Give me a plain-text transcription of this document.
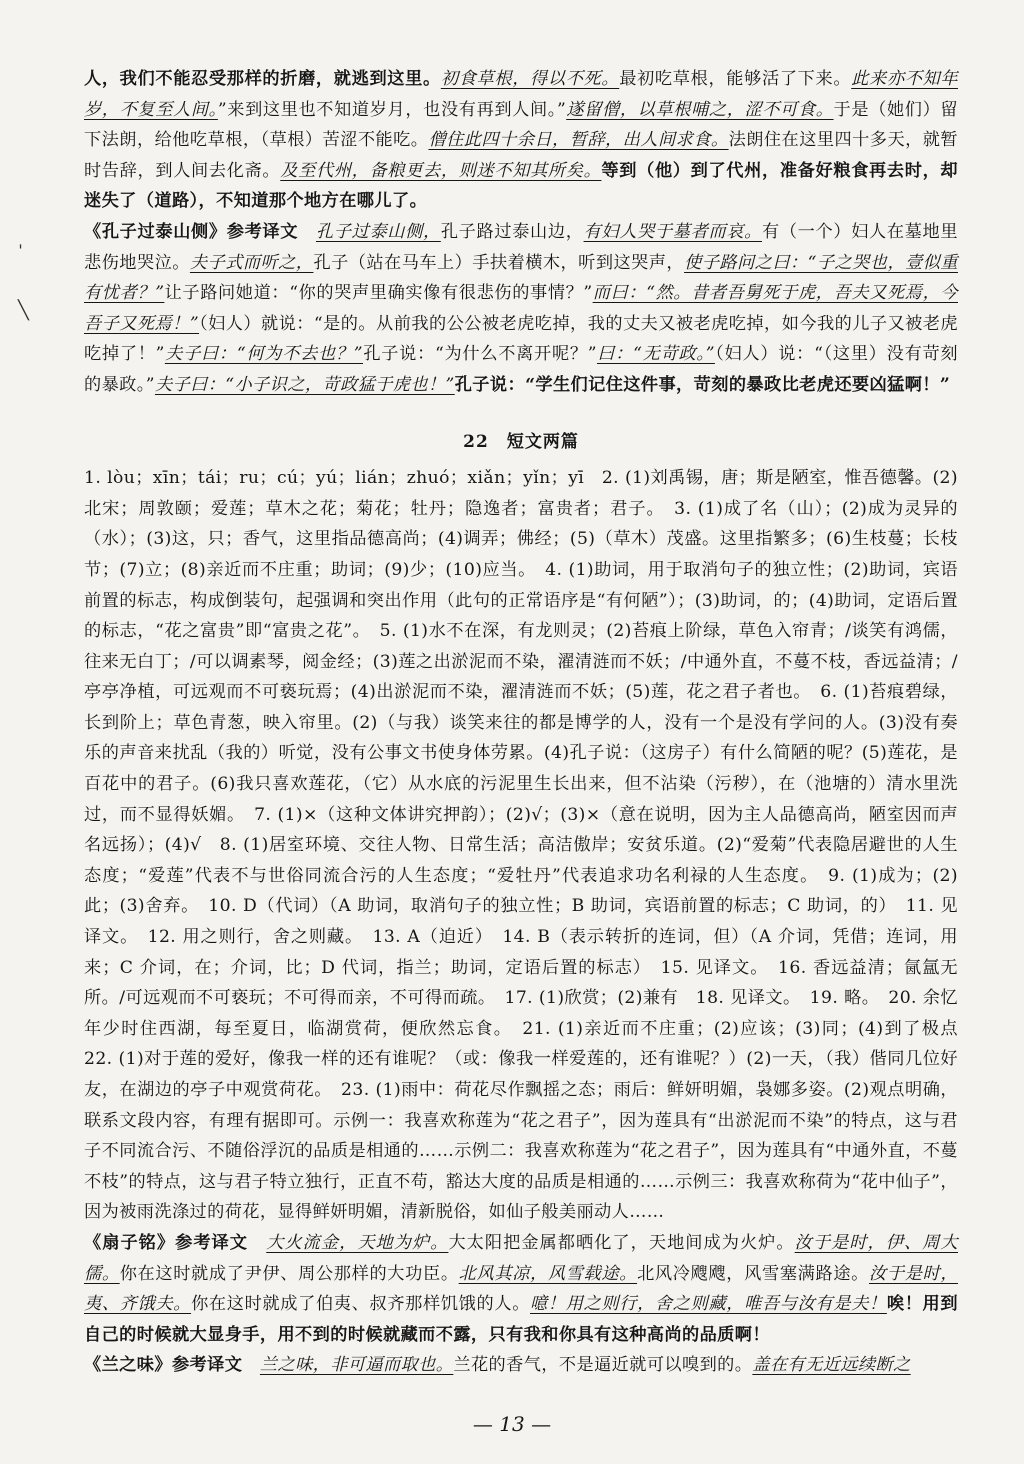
人，我们不能忍受那样的折磨，就逃到这里。初食草根，得以不死。最初吃草根，能够活了下来。此来亦不知年岁，不复至人间。”来到这里也不知道岁月，也没有再到人间。”遂留僧，以草根哺之，涩不可食。于是（她们）留下法朗，给他吃草根，（草根）苦涩不能吃。僧住此四十余日，暂辞，出人间求食。法朗住在这里四十多天，就暂时告辞，到人间去化斋。及至代州，备粮更去，则迷不知其所矣。等到（他）到了代州，准备好粮食再去时，却迷失了（道路），不知道那个地方在哪儿了。

《孔子过泰山侧》参考译文　孔子过泰山侧，孔子路过泰山边，有妇人哭于墓者而哀。有（一个）妇人在墓地里悲伤地哭泣。夫子式而听之，孔子（站在马车上）手扶着横木，听到这哭声，使子路问之曰：“子之哭也，壹似重有忧者？”让子路问她道：“你的哭声里确实像有很悲伤的事情？”而曰：“然。昔者吾舅死于虎，吾夫又死焉，今吾子又死焉！”（妇人）就说：“是的。从前我的公公被老虎吃掉，我的丈夫又被老虎吃掉，如今我的儿子又被老虎吃掉了！”夫子曰：“何为不去也？”孔子说：“为什么不离开呢？”曰：“无苛政。”（妇人）说：“（这里）没有苛刻的暴政。”夫子曰：“小子识之，苛政猛于虎也！”孔子说：“学生们记住这件事，苛刻的暴政比老虎还要凶猛啊！”

22　短文两篇

1. lòu；xīn；tái；ru；cú；yú；lián；zhuó；xiǎn；yǐn；yī　2. (1)刘禹锡，唐；斯是陋室，惟吾德馨。(2)北宋；周敦颐；爱莲；草木之花；菊花；牡丹；隐逸者；富贵者；君子。　3. (1)成了名（山）；(2)成为灵异的（水）；(3)这，只；香气，这里指品德高尚；(4)调弄；佛经；(5)（草木）茂盛。这里指繁多；(6)生枝蔓；长枝节；(7)立；(8)亲近而不庄重；助词；(9)少；(10)应当。　4. (1)助词，用于取消句子的独立性；(2)助词，宾语前置的标志，构成倒装句，起强调和突出作用（此句的正常语序是“有何陋”）；(3)助词，的；(4)助词，定语后置的标志，“花之富贵”即“富贵之花”。　5. (1)水不在深，有龙则灵；(2)苔痕上阶绿，草色入帘青；/谈笑有鸿儒，往来无白丁；/可以调素琴，阅金经；(3)莲之出淤泥而不染，濯清涟而不妖；/中通外直，不蔓不枝，香远益清；/亭亭净植，可远观而不可亵玩焉；(4)出淤泥而不染，濯清涟而不妖；(5)莲，花之君子者也。　6. (1)苔痕碧绿，长到阶上；草色青葱，映入帘里。(2)（与我）谈笑来往的都是博学的人，没有一个是没有学问的人。(3)没有奏乐的声音来扰乱（我的）听觉，没有公事文书使身体劳累。(4)孔子说：（这房子）有什么简陋的呢？(5)莲花，是百花中的君子。(6)我只喜欢莲花，（它）从水底的污泥里生长出来，但不沾染（污秽），在（池塘的）清水里洗过，而不显得妖媚。　7. (1)×（这种文体讲究押韵）；(2)√；(3)×（意在说明，因为主人品德高尚，陋室因而声名远扬）；(4)√　8. (1)居室环境、交往人物、日常生活；高洁傲岸；安贫乐道。(2)“爱菊”代表隐居避世的人生态度；“爱莲”代表不与世俗同流合污的人生态度；“爱牡丹”代表追求功名利禄的人生态度。　9. (1)成为；(2)此；(3)舍弃。　10. D（代词）（A 助词，取消句子的独立性；B 助词，宾语前置的标志；C 助词，的）　11. 见译文。　12. 用之则行，舍之则藏。　13. A（迫近）　14. B（表示转折的连词，但）（A 介词，凭借；连词，用来；C 介词，在；介词，比；D 代词，指兰；助词，定语后置的标志）　15. 见译文。　16. 香远益清；氤氲无所。/可远观而不可亵玩；不可得而亲，不可得而疏。　17. (1)欣赏；(2)兼有　18. 见译文。　19. 略。　20. 余忆年少时住西湖，每至夏日，临湖赏荷，便欣然忘食。　21. (1)亲近而不庄重；(2)应该；(3)同；(4)到了极点　22. (1)对于莲的爱好，像我一样的还有谁呢？（或：像我一样爱莲的，还有谁呢？）(2)一天，（我）偕同几位好友，在湖边的亭子中观赏荷花。　23. (1)雨中：荷花尽作飘摇之态；雨后：鲜妍明媚，袅娜多姿。(2)观点明确，联系文段内容，有理有据即可。示例一：我喜欢称莲为“花之君子”，因为莲具有“出淤泥而不染”的特点，这与君子不同流合污、不随俗浮沉的品质是相通的……示例二：我喜欢称莲为“花之君子”，因为莲具有“中通外直，不蔓不枝”的特点，这与君子特立独行，正直不苟，豁达大度的品质是相通的……示例三：我喜欢称荷为“花中仙子”，因为被雨洗涤过的荷花，显得鲜妍明媚，清新脱俗，如仙子般美丽动人……

《扇子铭》参考译文　大火流金，天地为炉。大太阳把金属都晒化了，天地间成为火炉。汝于是时，伊、周大儒。你在这时就成了尹伊、周公那样的大功臣。北风其凉，风雪载途。北风冷飕飕，风雪塞满路途。汝于是时，夷、齐饿夫。你在这时就成了伯夷、叔齐那样饥饿的人。噫！用之则行，舍之则藏，唯吾与汝有是夫！唉！用到自己的时候就大显身手，用不到的时候就藏而不露，只有我和你具有这种高尚的品质啊！

《兰之味》参考译文　兰之味，非可逼而取也。兰花的香气，不是逼近就可以嗅到的。盖在有无近远续断之

— 13 —
ˈ
╲
